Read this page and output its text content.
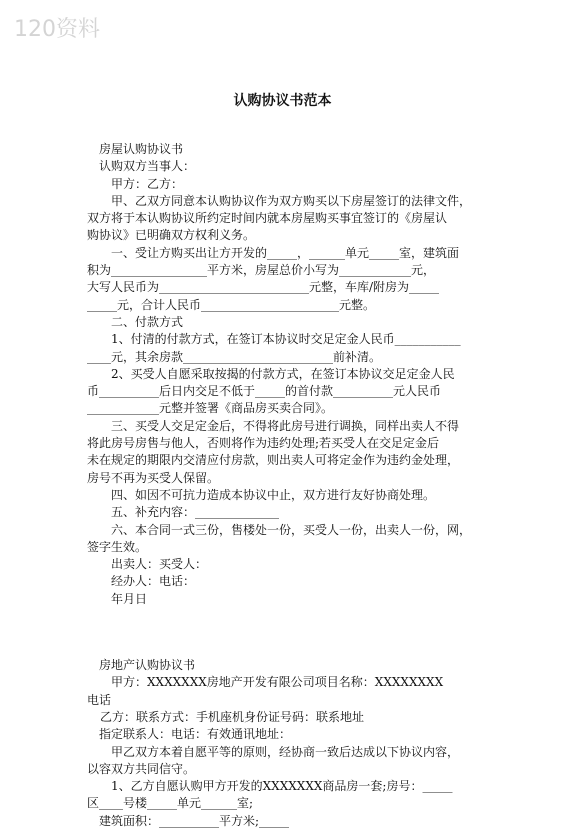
120资料
认购协议书范本

房屋认购协议书

认购双方当事人：

甲方：乙方：

甲、乙双方同意本认购协议作为双方购买以下房屋签订的法律文件，

双方将于本认购协议所约定时间内就本房屋购买事宜签订的《房屋认

购协议》已明确双方权利义务。

一、受让方购买出让方开发的_____，______单元_____室，建筑面

积为________________平方米，房屋总价小写为____________元，

大写人民币为_________________________元整，车库/附房为_____

_____元，合计人民币_______________________元整。

二、付款方式

1、付清的付款方式，在签订本协议时交足定金人民币___________

____元，其余房款_________________________前补清。

2、买受人自愿采取按揭的付款方式，在签订本协议交足定金人民

币__________后日内交足不低于_____的首付款__________元人民币

____________元整并签署《商品房买卖合同》。

三、买受人交足定金后，不得将此房号进行调换，同样出卖人不得

将此房号房售与他人，否则将作为违约处理;若买受人在交足定金后

未在规定的期限内交清应付房款，则出卖人可将定金作为违约金处理，

房号不再为买受人保留。

四、如因不可抗力造成本协议中止，双方进行友好协商处理。

五、补充内容：______________

六、本合同一式三份，售楼处一份，买受人一份，出卖人一份，网，

签字生效。

出卖人：买受人：

经办人：电话：

年月日

房地产认购协议书

甲方：XXXXXXX房地产开发有限公司项目名称：XXXXXXXX

电话

乙方：联系方式：手机座机身份证号码：联系地址

指定联系人：电话：有效通讯地址：

甲乙双方本着自愿平等的原则，经协商一致后达成以下协议内容，

以容双方共同信守。

1、乙方自愿认购甲方开发的XXXXXXX商品房一套;房号：_____

区____号楼_____单元______室;

建筑面积：__________平方米;_____
